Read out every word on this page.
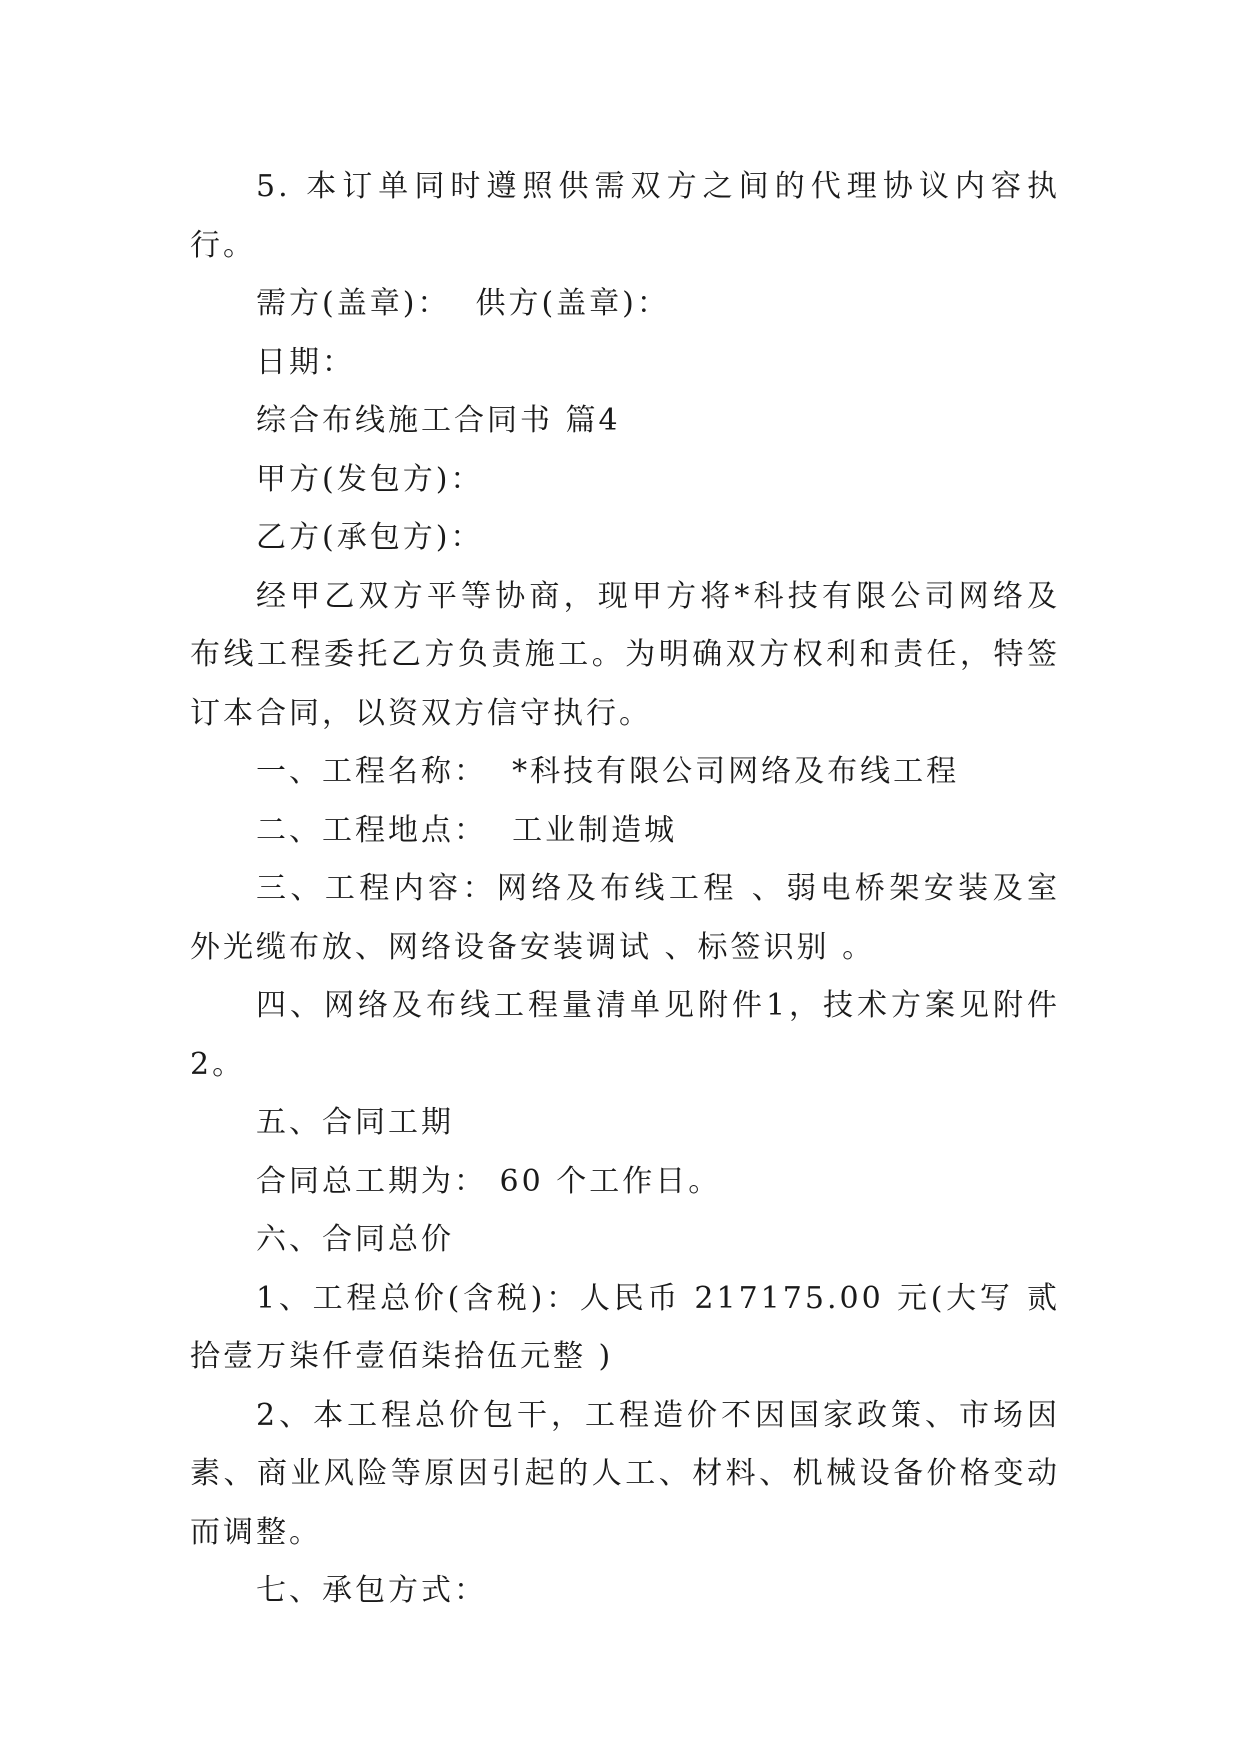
5. 本订单同时遵照供需双方之间的代理协议内容执行。

需方(盖章)：  供方(盖章)：

日期：

综合布线施工合同书 篇4

甲方(发包方)：

乙方(承包方)：

经甲乙双方平等协商，现甲方将*科技有限公司网络及布线工程委托乙方负责施工。为明确双方权利和责任，特签订本合同，以资双方信守执行。

一、工程名称：  *科技有限公司网络及布线工程

二、工程地点：  工业制造城

三、工程内容：网络及布线工程 、弱电桥架安装及室外光缆布放、网络设备安装调试 、标签识别 。

四、网络及布线工程量清单见附件1，技术方案见附件2。

五、合同工期

合同总工期为： 60 个工作日。

六、合同总价

1、工程总价(含税)：人民币 217175.00 元(大写 贰拾壹万柒仟壹佰柒拾伍元整 )

2、本工程总价包干，工程造价不因国家政策、市场因素、商业风险等原因引起的人工、材料、机械设备价格变动而调整。

七、承包方式：
